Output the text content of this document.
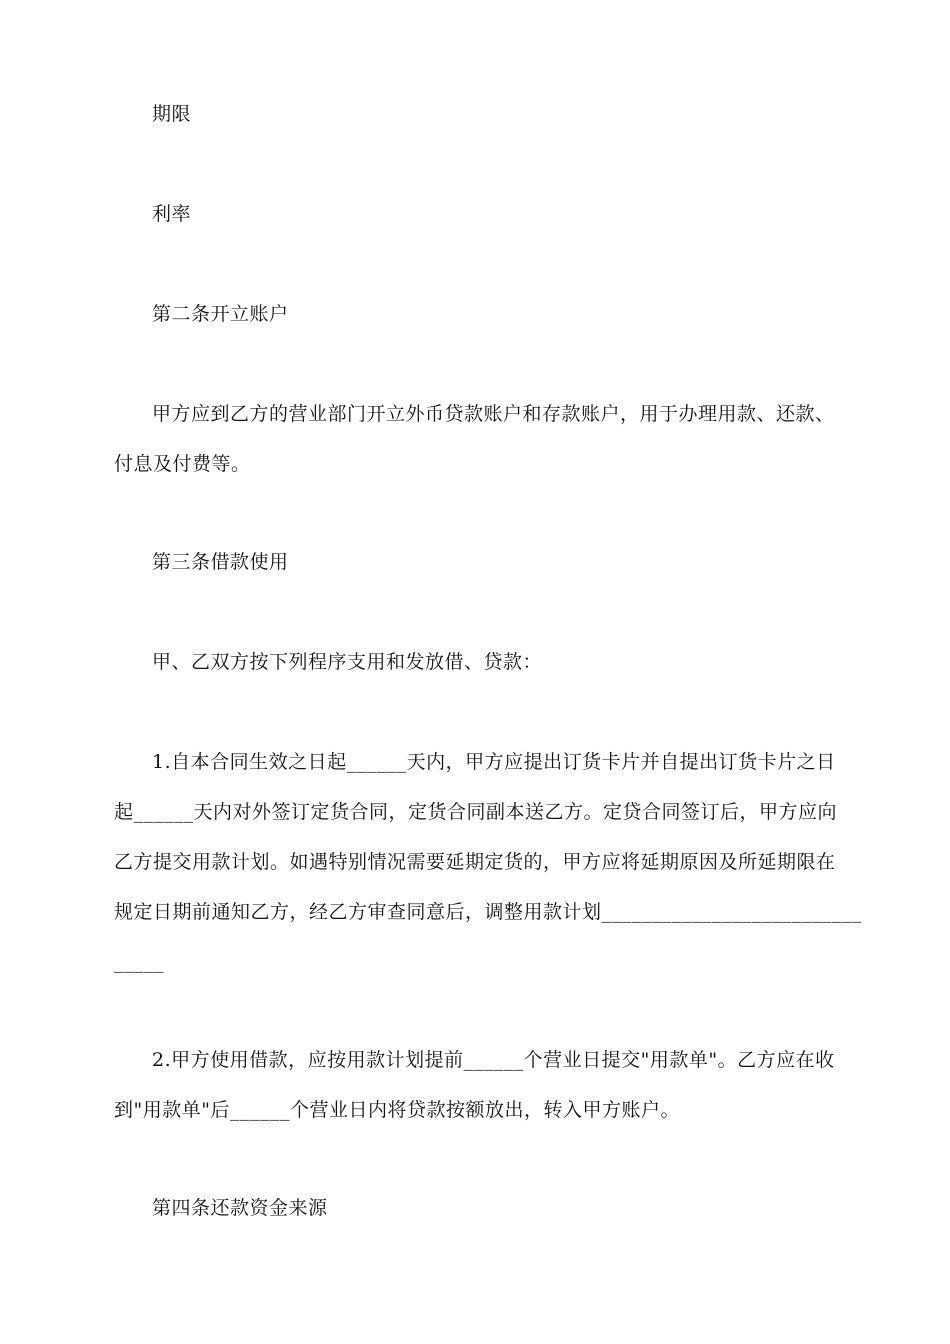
期限
利率
第二条开立账户
甲方应到乙方的营业部门开立外币贷款账户和存款账户，用于办理用款、还款、
付息及付费等。
第三条借款使用
甲、乙双方按下列程序支用和发放借、贷款：
1.自本合同生效之日起______天内，甲方应提出订货卡片并自提出订货卡片之日
起______天内对外签订定货合同，定货合同副本送乙方。定贷合同签订后，甲方应向
乙方提交用款计划。如遇特别情况需要延期定货的，甲方应将延期原因及所延期限在
规定日期前通知乙方，经乙方审查同意后，调整用款计划__________________________
_____
2.甲方使用借款，应按用款计划提前______个营业日提交"用款单"。乙方应在收
到"用款单"后______个营业日内将贷款按额放出，转入甲方账户。
第四条还款资金来源
